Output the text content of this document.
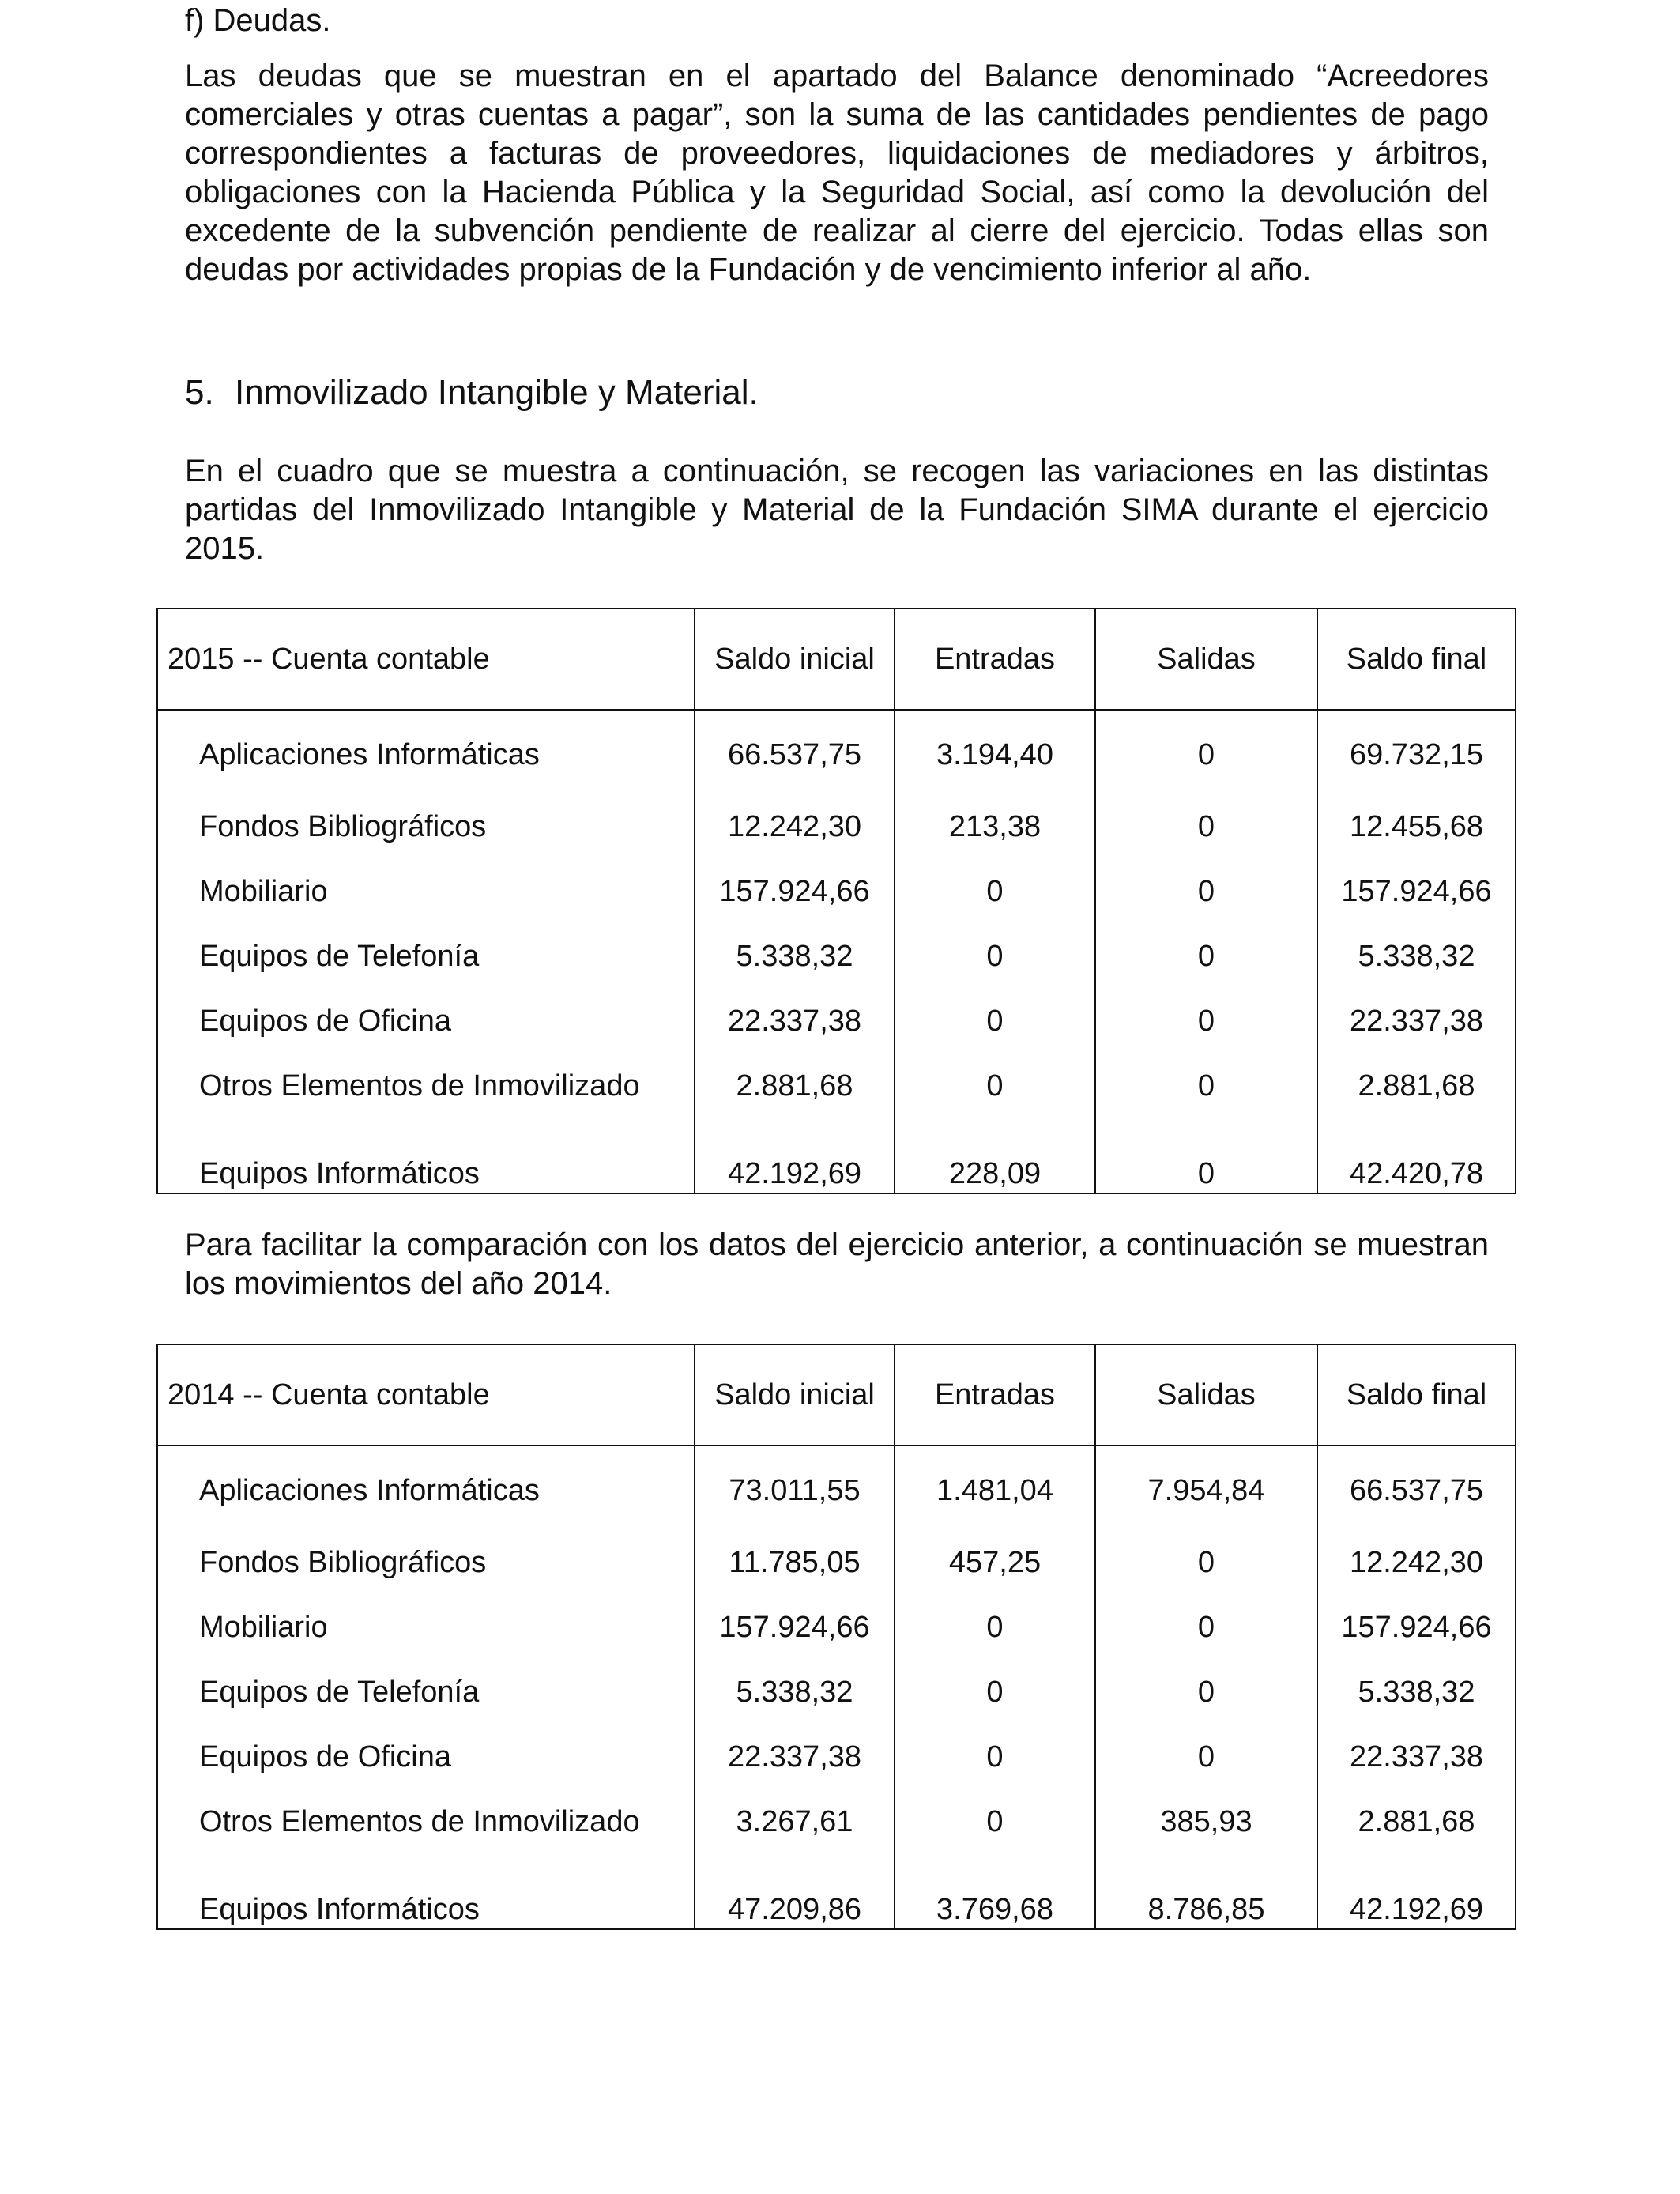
f) Deudas.
Las deudas que se muestran en el apartado del Balance denominado “Acreedores comerciales y otras cuentas a pagar”, son la suma de las cantidades pendientes de pago correspondientes a facturas de proveedores, liquidaciones de mediadores y árbitros, obligaciones con la Hacienda Pública y la Seguridad Social, así como la devolución del excedente de la subvención pendiente de realizar al cierre del ejercicio. Todas ellas son deudas por actividades propias de la Fundación y de vencimiento inferior al año.
5. Inmovilizado Intangible y Material.
En el cuadro que se muestra a continuación, se recogen las variaciones en las distintas partidas del Inmovilizado Intangible y Material de la Fundación SIMA durante el ejercicio 2015.
2015 -- Cuenta contable	Saldo inicial	Entradas	Salidas	Saldo final
Aplicaciones Informáticas	66.537,75	3.194,40	0	69.732,15
Fondos Bibliográficos	12.242,30	213,38	0	12.455,68
Mobiliario	157.924,66	0	0	157.924,66
Equipos de Telefonía	5.338,32	0	0	5.338,32
Equipos de Oficina	22.337,38	0	0	22.337,38
Otros Elementos de Inmovilizado	2.881,68	0	0	2.881,68
Equipos Informáticos	42.192,69	228,09	0	42.420,78
Para facilitar la comparación con los datos del ejercicio anterior, a continuación se muestran los movimientos del año 2014.
2014 -- Cuenta contable	Saldo inicial	Entradas	Salidas	Saldo final
Aplicaciones Informáticas	73.011,55	1.481,04	7.954,84	66.537,75
Fondos Bibliográficos	11.785,05	457,25	0	12.242,30
Mobiliario	157.924,66	0	0	157.924,66
Equipos de Telefonía	5.338,32	0	0	5.338,32
Equipos de Oficina	22.337,38	0	0	22.337,38
Otros Elementos de Inmovilizado	3.267,61	0	385,93	2.881,68
Equipos Informáticos	47.209,86	3.769,68	8.786,85	42.192,69
